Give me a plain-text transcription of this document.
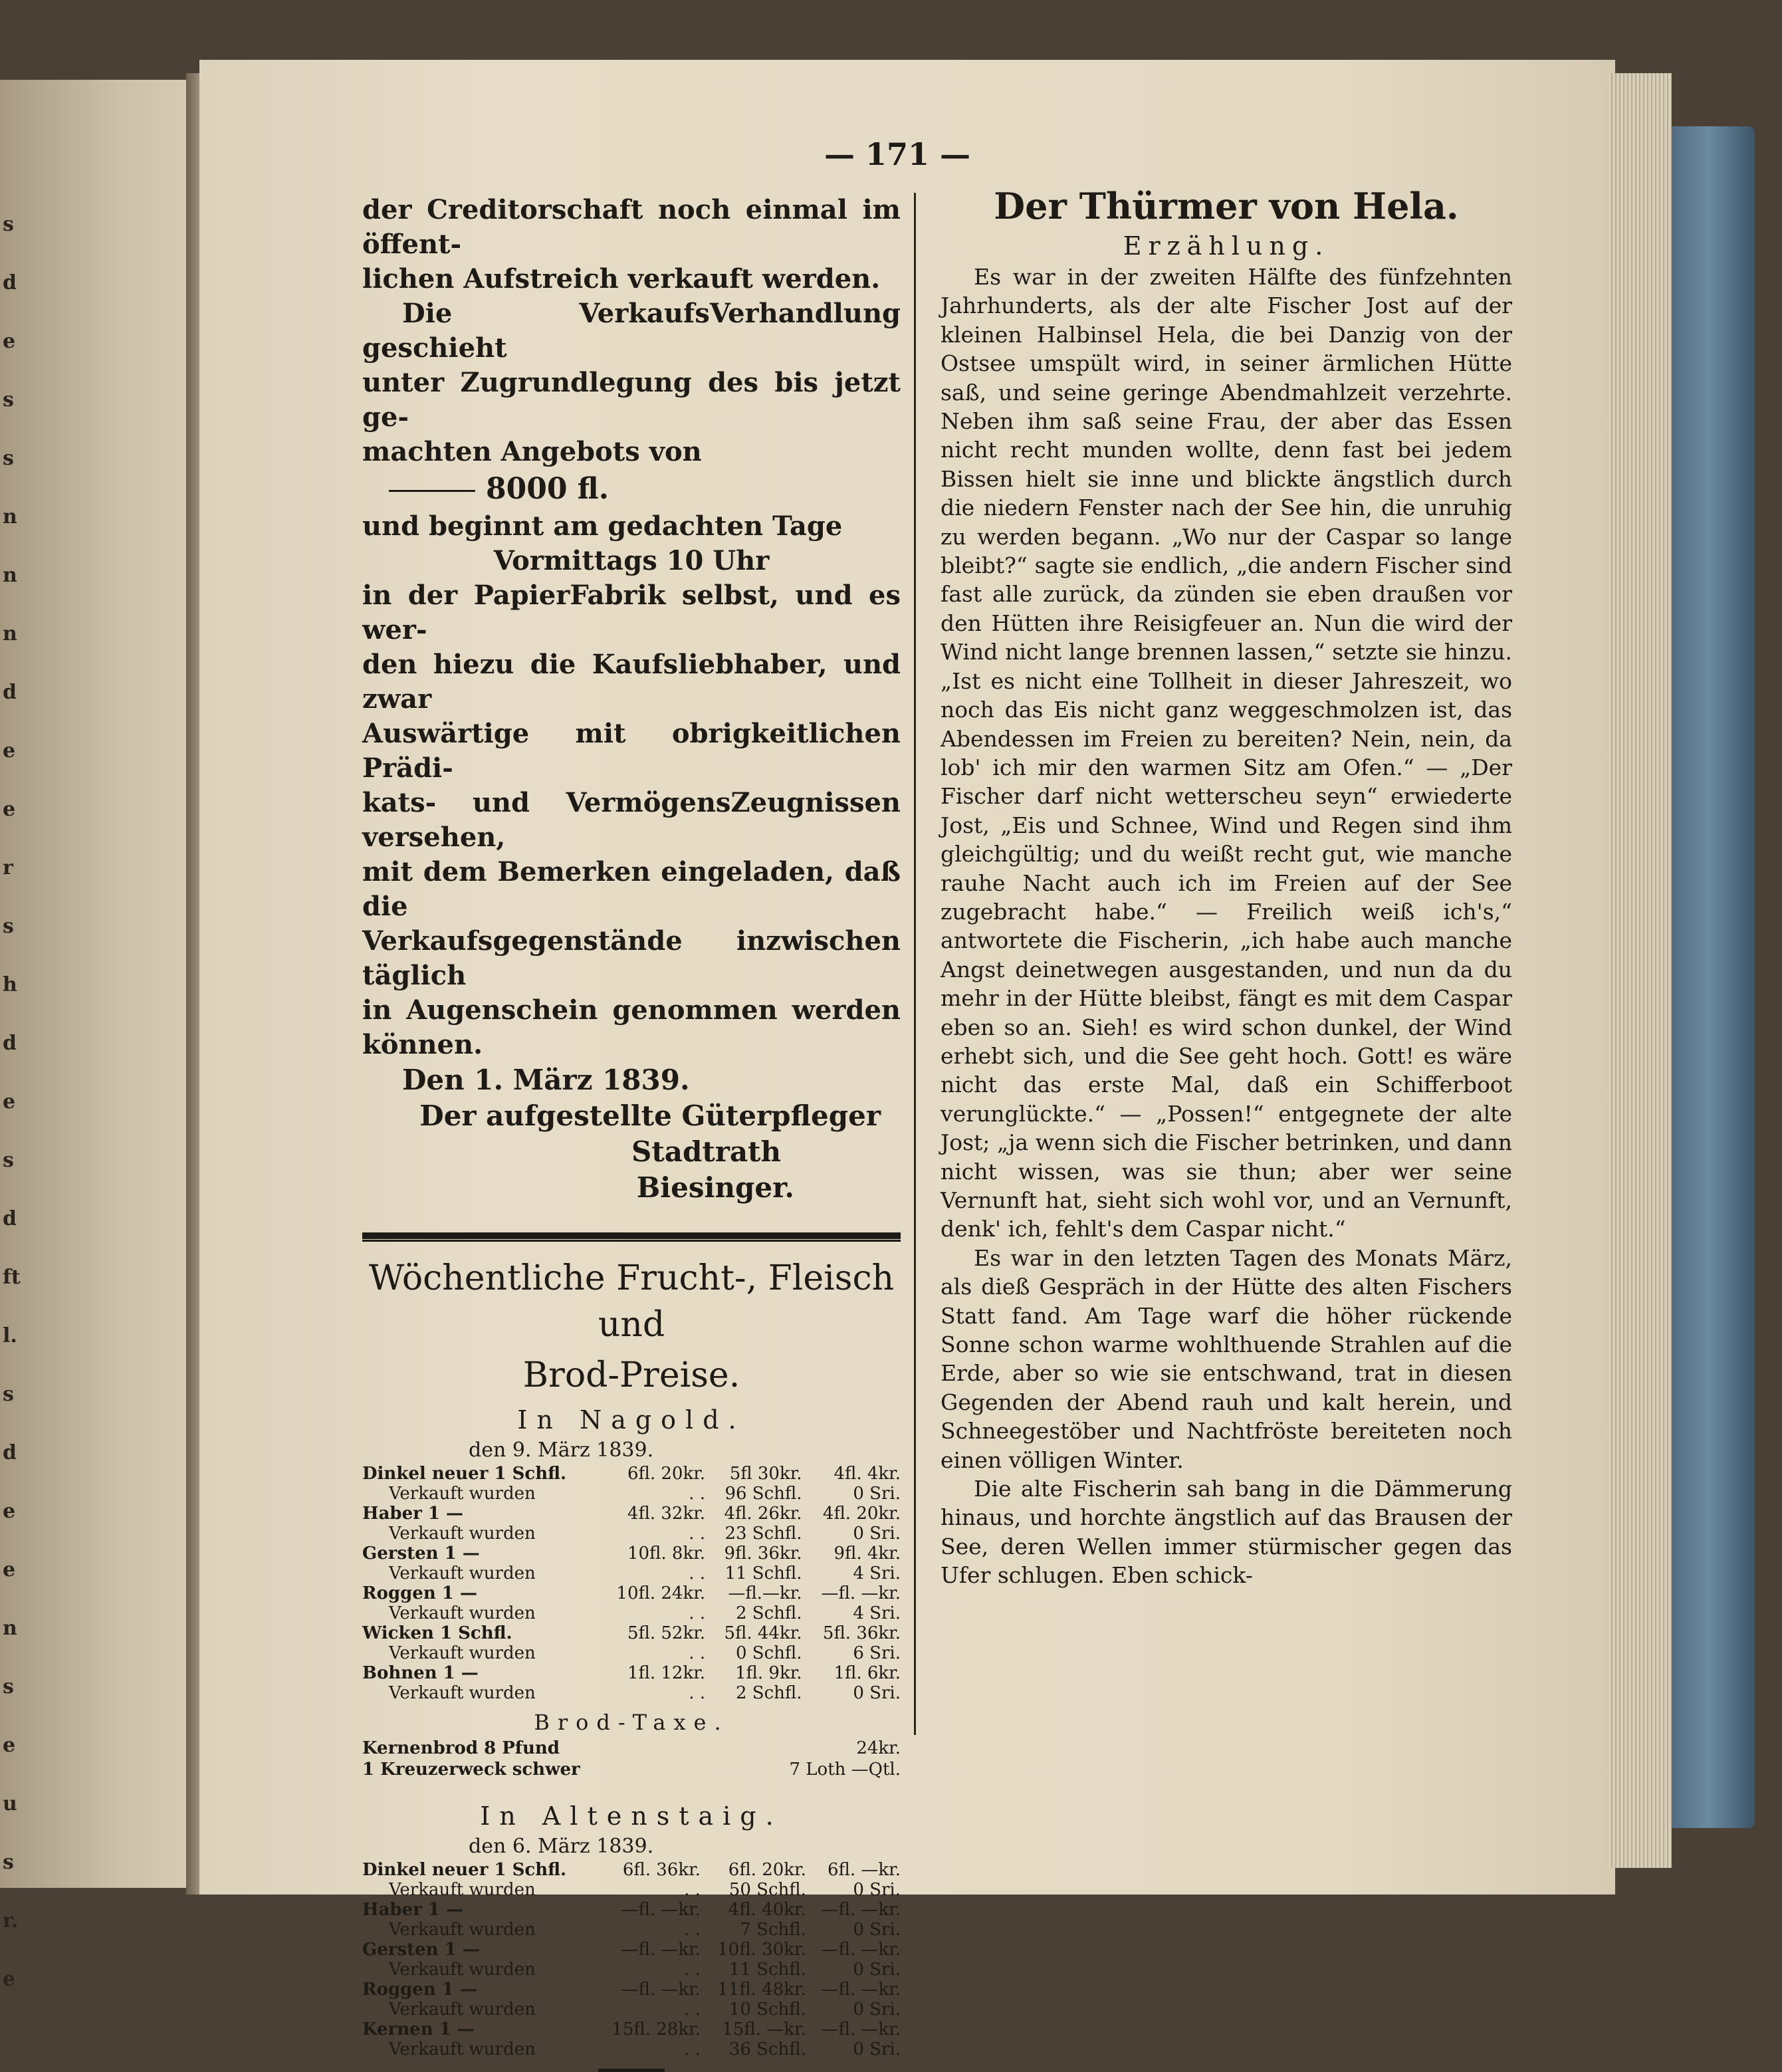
s
d
e
s
s
n
n
n
d
e
e
r
s
h
d
e
s
d
ft
l.
s
d
e
e
n
s
e
u
s
r.
e
— 171 —

der Creditorschaft noch einmal im öffent-

lichen Aufstreich verkauft werden.

Die VerkaufsVerhandlung geschieht

unter Zugrundlegung des bis jetzt ge-

machten Angebots von

8000 fl.

und beginnt am gedachten Tage

Vormittags 10 Uhr

in der PapierFabrik selbst, und es wer-

den hiezu die Kaufsliebhaber, und zwar

Auswärtige mit obrigkeitlichen Prädi-

kats- und VermögensZeugnissen versehen,

mit dem Bemerken eingeladen, daß die

Verkaufsgegenstände inzwischen täglich

in Augenschein genommen werden können.

Den 1. März 1839.
Der aufgestellte Güterpfleger
Stadtrath
Biesinger.
Wöchentliche Frucht-, Fleisch und
Brod-Preise.
In Nagold.
den 9. März 1839.
Dinkel neuer 1 Schfl.	6fl. 20kr.	5fl 30kr.	4fl. 4kr.
Verkauft wurden	. .	96 Schfl.	0 Sri.
Haber 1 —	4fl. 32kr.	4fl. 26kr.	4fl. 20kr.
Verkauft wurden	. .	23 Schfl.	0 Sri.
Gersten 1 —	10fl. 8kr.	9fl. 36kr.	9fl. 4kr.
Verkauft wurden	. .	11 Schfl.	4 Sri.
Roggen 1 —	10fl. 24kr.	—fl.—kr.	—fl. —kr.
Verkauft wurden	. .	2 Schfl.	4 Sri.
Wicken 1 Schfl.	5fl. 52kr.	5fl. 44kr.	5fl. 36kr.
Verkauft wurden	. .	0 Schfl.	6 Sri.
Bohnen 1 —	1fl. 12kr.	1fl. 9kr.	1fl. 6kr.
Verkauft wurden	. .	2 Schfl.	0 Sri.
Brod-Taxe.
Kernenbrod 8 Pfund	24kr.
1 Kreuzerweck schwer	7 Loth —Qtl.
In Altenstaig.
den 6. März 1839.
Dinkel neuer 1 Schfl.	6fl. 36kr.	6fl. 20kr.	6fl. —kr.
Verkauft wurden	. .	50 Schfl.	0 Sri.
Haber 1 —	—fl. —kr.	4fl. 40kr.	—fl. —kr.
Verkauft wurden	. .	7 Schfl.	0 Sri.
Gersten 1 —	—fl. —kr.	10fl. 30kr.	—fl. —kr.
Verkauft wurden	. .	11 Schfl.	0 Sri.
Roggen 1 —	—fl. —kr.	11fl. 48kr.	—fl. —kr.
Verkauft wurden	. .	10 Schfl.	0 Sri.
Kernen 1 —	15fl. 28kr.	15fl. —kr.	—fl. —kr.
Verkauft wurden	. .	36 Schfl.	0 Sri.
Der Thürmer von Hela.
Erzählung.

Es war in der zweiten Hälfte des fünfzehnten Jahrhunderts, als der alte Fischer Jost auf der kleinen Halbinsel Hela, die bei Danzig von der Ostsee umspült wird, in seiner ärmlichen Hütte saß, und seine geringe Abendmahlzeit verzehrte. Neben ihm saß seine Frau, der aber das Essen nicht recht munden wollte, denn fast bei jedem Bissen hielt sie inne und blickte ängstlich durch die niedern Fenster nach der See hin, die unruhig zu werden begann. „Wo nur der Caspar so lange bleibt?“ sagte sie endlich, „die andern Fischer sind fast alle zurück, da zünden sie eben draußen vor den Hütten ihre Reisigfeuer an. Nun die wird der Wind nicht lange brennen lassen,“ setzte sie hinzu. „Ist es nicht eine Tollheit in dieser Jahreszeit, wo noch das Eis nicht ganz weggeschmolzen ist, das Abendessen im Freien zu bereiten? Nein, nein, da lob' ich mir den warmen Sitz am Ofen.“ — „Der Fischer darf nicht wetterscheu seyn“ erwiederte Jost, „Eis und Schnee, Wind und Regen sind ihm gleichgültig; und du weißt recht gut, wie manche rauhe Nacht auch ich im Freien auf der See zugebracht habe.“ — Freilich weiß ich's,“ antwortete die Fischerin, „ich habe auch manche Angst deinetwegen ausgestanden, und nun da du mehr in der Hütte bleibst, fängt es mit dem Caspar eben so an. Sieh! es wird schon dunkel, der Wind erhebt sich, und die See geht hoch. Gott! es wäre nicht das erste Mal, daß ein Schifferboot verunglückte.“ — „Possen!“ entgegnete der alte Jost; „ja wenn sich die Fischer betrinken, und dann nicht wissen, was sie thun; aber wer seine Vernunft hat, sieht sich wohl vor, und an Vernunft, denk' ich, fehlt's dem Caspar nicht.“

Es war in den letzten Tagen des Monats März, als dieß Gespräch in der Hütte des alten Fischers Statt fand. Am Tage warf die höher rückende Sonne schon warme wohlthuende Strahlen auf die Erde, aber so wie sie entschwand, trat in diesen Gegenden der Abend rauh und kalt herein, und Schneegestöber und Nachtfröste bereiteten noch einen völligen Winter.

Die alte Fischerin sah bang in die Dämmerung hinaus, und horchte ängstlich auf das Brausen der See, deren Wellen immer stürmischer gegen das Ufer schlugen. Eben schick-
